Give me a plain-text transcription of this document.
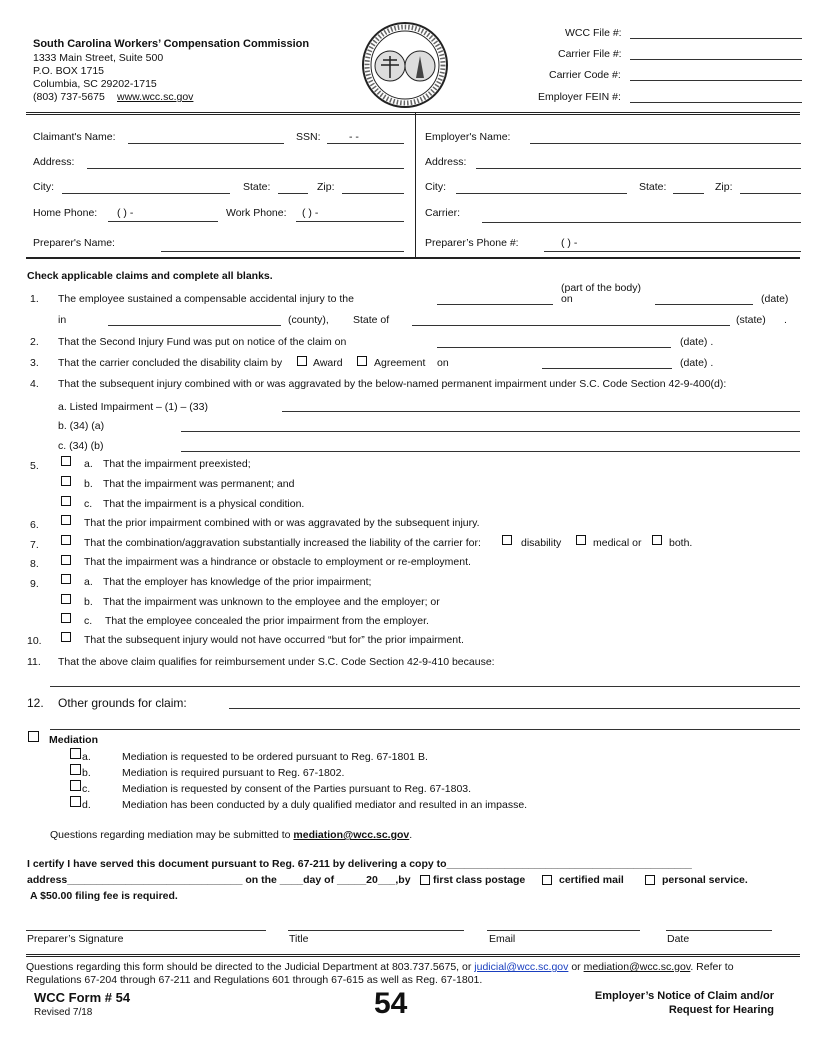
South Carolina Workers’ Compensation Commission
1333 Main Street, Suite 500
P.O. BOX 1715
Columbia, SC 29202-1715
(803) 737-5675 www.wcc.sc.gov
WCC File #:
Carrier File #:
Carrier Code #:
Employer FEIN #:
Claimant's Name:	SSN:	- -
Address:
City:	State:	Zip:
Home Phone: ( ) -	Work Phone: ( ) -
Preparer's Name:
Employer's Name:
Address:
City:	State:	Zip:
Carrier:
Preparer’s Phone #:	( ) -
Check applicable claims and complete all blanks.
1. The employee sustained a compensable accidental injury to the
(part of the body)
on	(date)
in	(county), State of	(state) .
2. That the Second Injury Fund was put on notice of the claim on	(date) .
3. That the carrier concluded the disability claim by	Award	Agreement on	(date) .
4. That the subsequent injury combined with or was aggravated by the below-named permanent impairment under S.C. Code Section 42-9-400(d):
a. Listed Impairment – (1) – (33)
b. (34) (a)
c. (34) (b)
5.	a. That the impairment preexisted;
b. That the impairment was permanent; and
c. That the impairment is a physical condition.
6.	That the prior impairment combined with or was aggravated by the subsequent injury.
7.	That the combination/aggravation substantially increased the liability of the carrier for:	disability	medical or	both.
8.	That the impairment was a hindrance or obstacle to employment or re-employment.
9.	a. That the employer has knowledge of the prior impairment;
b. That the impairment was unknown to the employee and the employer; or
c. That the employee concealed the prior impairment from the employer.
10.	That the subsequent injury would not have occurred “but for” the prior impairment.
11. That the above claim qualifies for reimbursement under S.C. Code Section 42-9-410 because:
12. Other grounds for claim:
Mediation
a.	Mediation is requested to be ordered pursuant to Reg. 67-1801 B.
b.	Mediation is required pursuant to Reg. 67-1802.
c.	Mediation is requested by consent of the Parties pursuant to Reg. 67-1803.
d.	Mediation has been conducted by a duly qualified mediator and resulted in an impasse.
Questions regarding mediation may be submitted to mediation@wcc.sc.gov.
I certify I have served this document pursuant to Reg. 67-211 by delivering a copy to__________________________________________
address______________________________ on the ____day of _____20___,by first class postage	certified mail	personal service.
A $50.00 filing fee is required.
Preparer’s Signature	Title	Email	Date
Questions regarding this form should be directed to the Judicial Department at 803.737.5675, or judicial@wcc.sc.gov or mediation@wcc.sc.gov. Refer to
Regulations 67-204 through 67-211 and Regulations 601 through 67-615 as well as Reg. 67-1801.
WCC Form # 54
Revised 7/18	54	Employer’s Notice of Claim and/or
Request for Hearing
